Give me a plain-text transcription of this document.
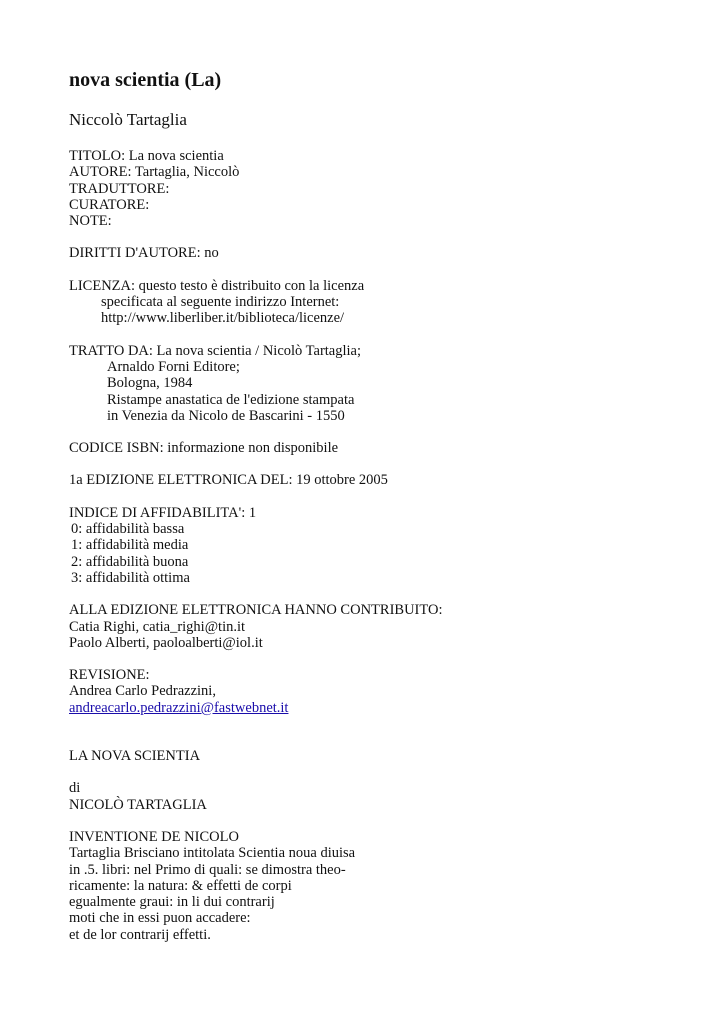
nova scientia (La)
Niccolò Tartaglia
TITOLO: La nova scientia
AUTORE: Tartaglia, Niccolò
TRADUTTORE:
CURATORE:
NOTE:
DIRITTI D'AUTORE: no
LICENZA: questo testo è distribuito con la licenza
specificata al seguente indirizzo Internet:
http://www.liberliber.it/biblioteca/licenze/
TRATTO DA: La nova scientia / Nicolò Tartaglia;
Arnaldo Forni Editore;
Bologna, 1984
Ristampe anastatica de l'edizione stampata
in Venezia da Nicolo de Bascarini - 1550
CODICE ISBN: informazione non disponibile
1a EDIZIONE ELETTRONICA DEL: 19 ottobre 2005
INDICE DI AFFIDABILITA': 1
0: affidabilità bassa
1: affidabilità media
2: affidabilità buona
3: affidabilità ottima
ALLA EDIZIONE ELETTRONICA HANNO CONTRIBUITO:
Catia Righi, catia_righi@tin.it
Paolo Alberti, paoloalberti@iol.it
REVISIONE:
Andrea Carlo Pedrazzini,
andreacarlo.pedrazzini@fastwebnet.it
LA NOVA SCIENTIA
di
NICOLÒ TARTAGLIA
INVENTIONE DE NICOLO
Tartaglia Brisciano intitolata Scientia noua diuisa
in .5. libri: nel Primo di quali: se dimostra theo-
ricamente: la natura: & effetti de corpi
egualmente graui: in li dui contrarij
moti che in essi puon accadere:
et de lor contrarij effetti.
